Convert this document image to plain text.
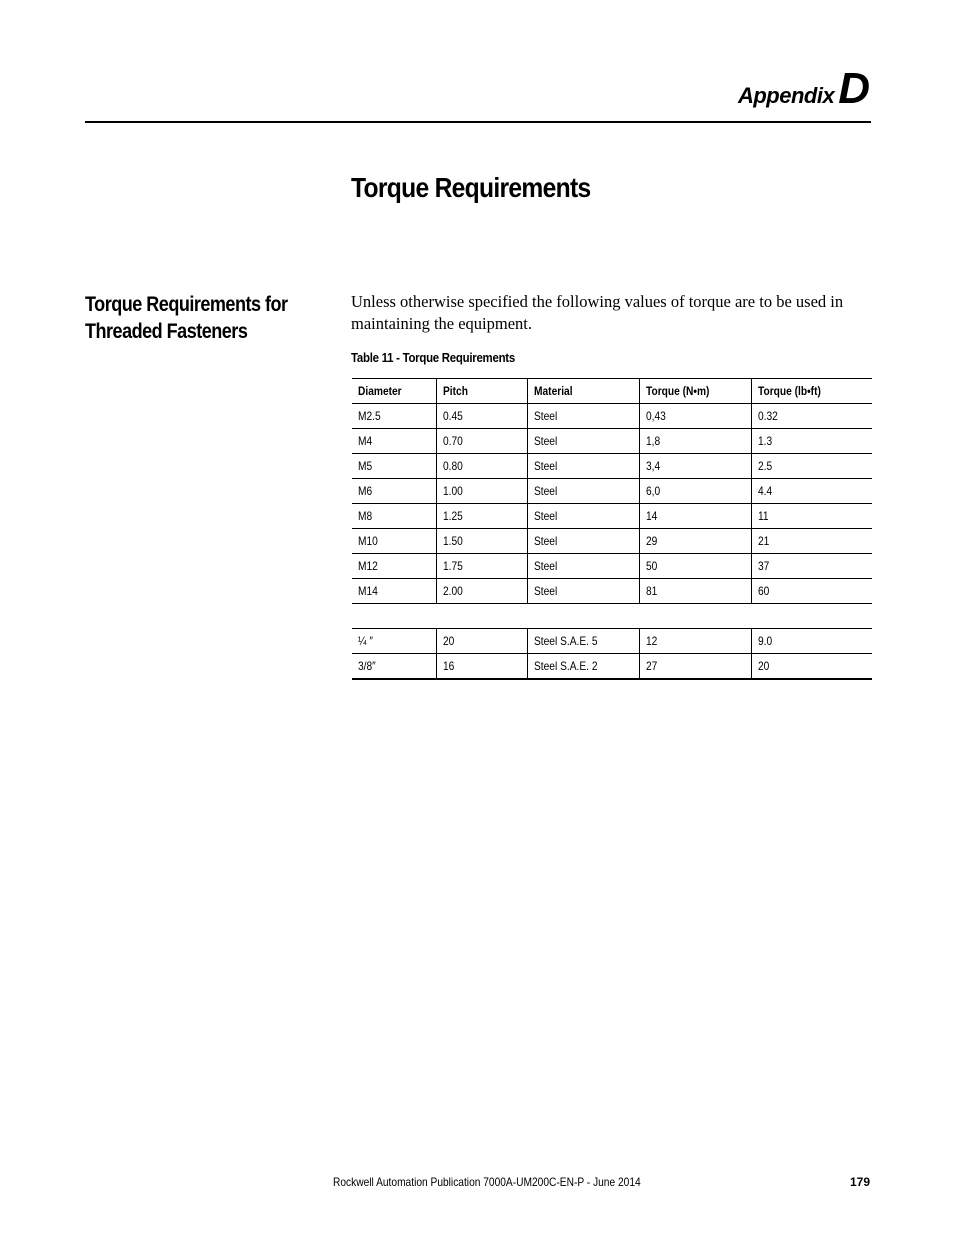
AppendixD
Torque Requirements
Torque Requirements for
Threaded Fasteners

Unless otherwise specified the following values of torque are to be used in maintaining the equipment.

Table 11 - Torque Requirements
Diameter	Pitch	Material	Torque (N•m)	Torque (lb•ft)
M2.5	0.45	Steel	0,43	0.32
M4	0.70	Steel	1,8	1.3
M5	0.80	Steel	3,4	2.5
M6	1.00	Steel	6,0	4.4
M8	1.25	Steel	14	11
M10	1.50	Steel	29	21
M12	1.75	Steel	50	37
M14	2.00	Steel	81	60

¼ ″	20	Steel S.A.E. 5	12	9.0
3/8″	16	Steel S.A.E. 2	27	20
Rockwell Automation Publication 7000A-UM200C-EN-P - June 2014	179
